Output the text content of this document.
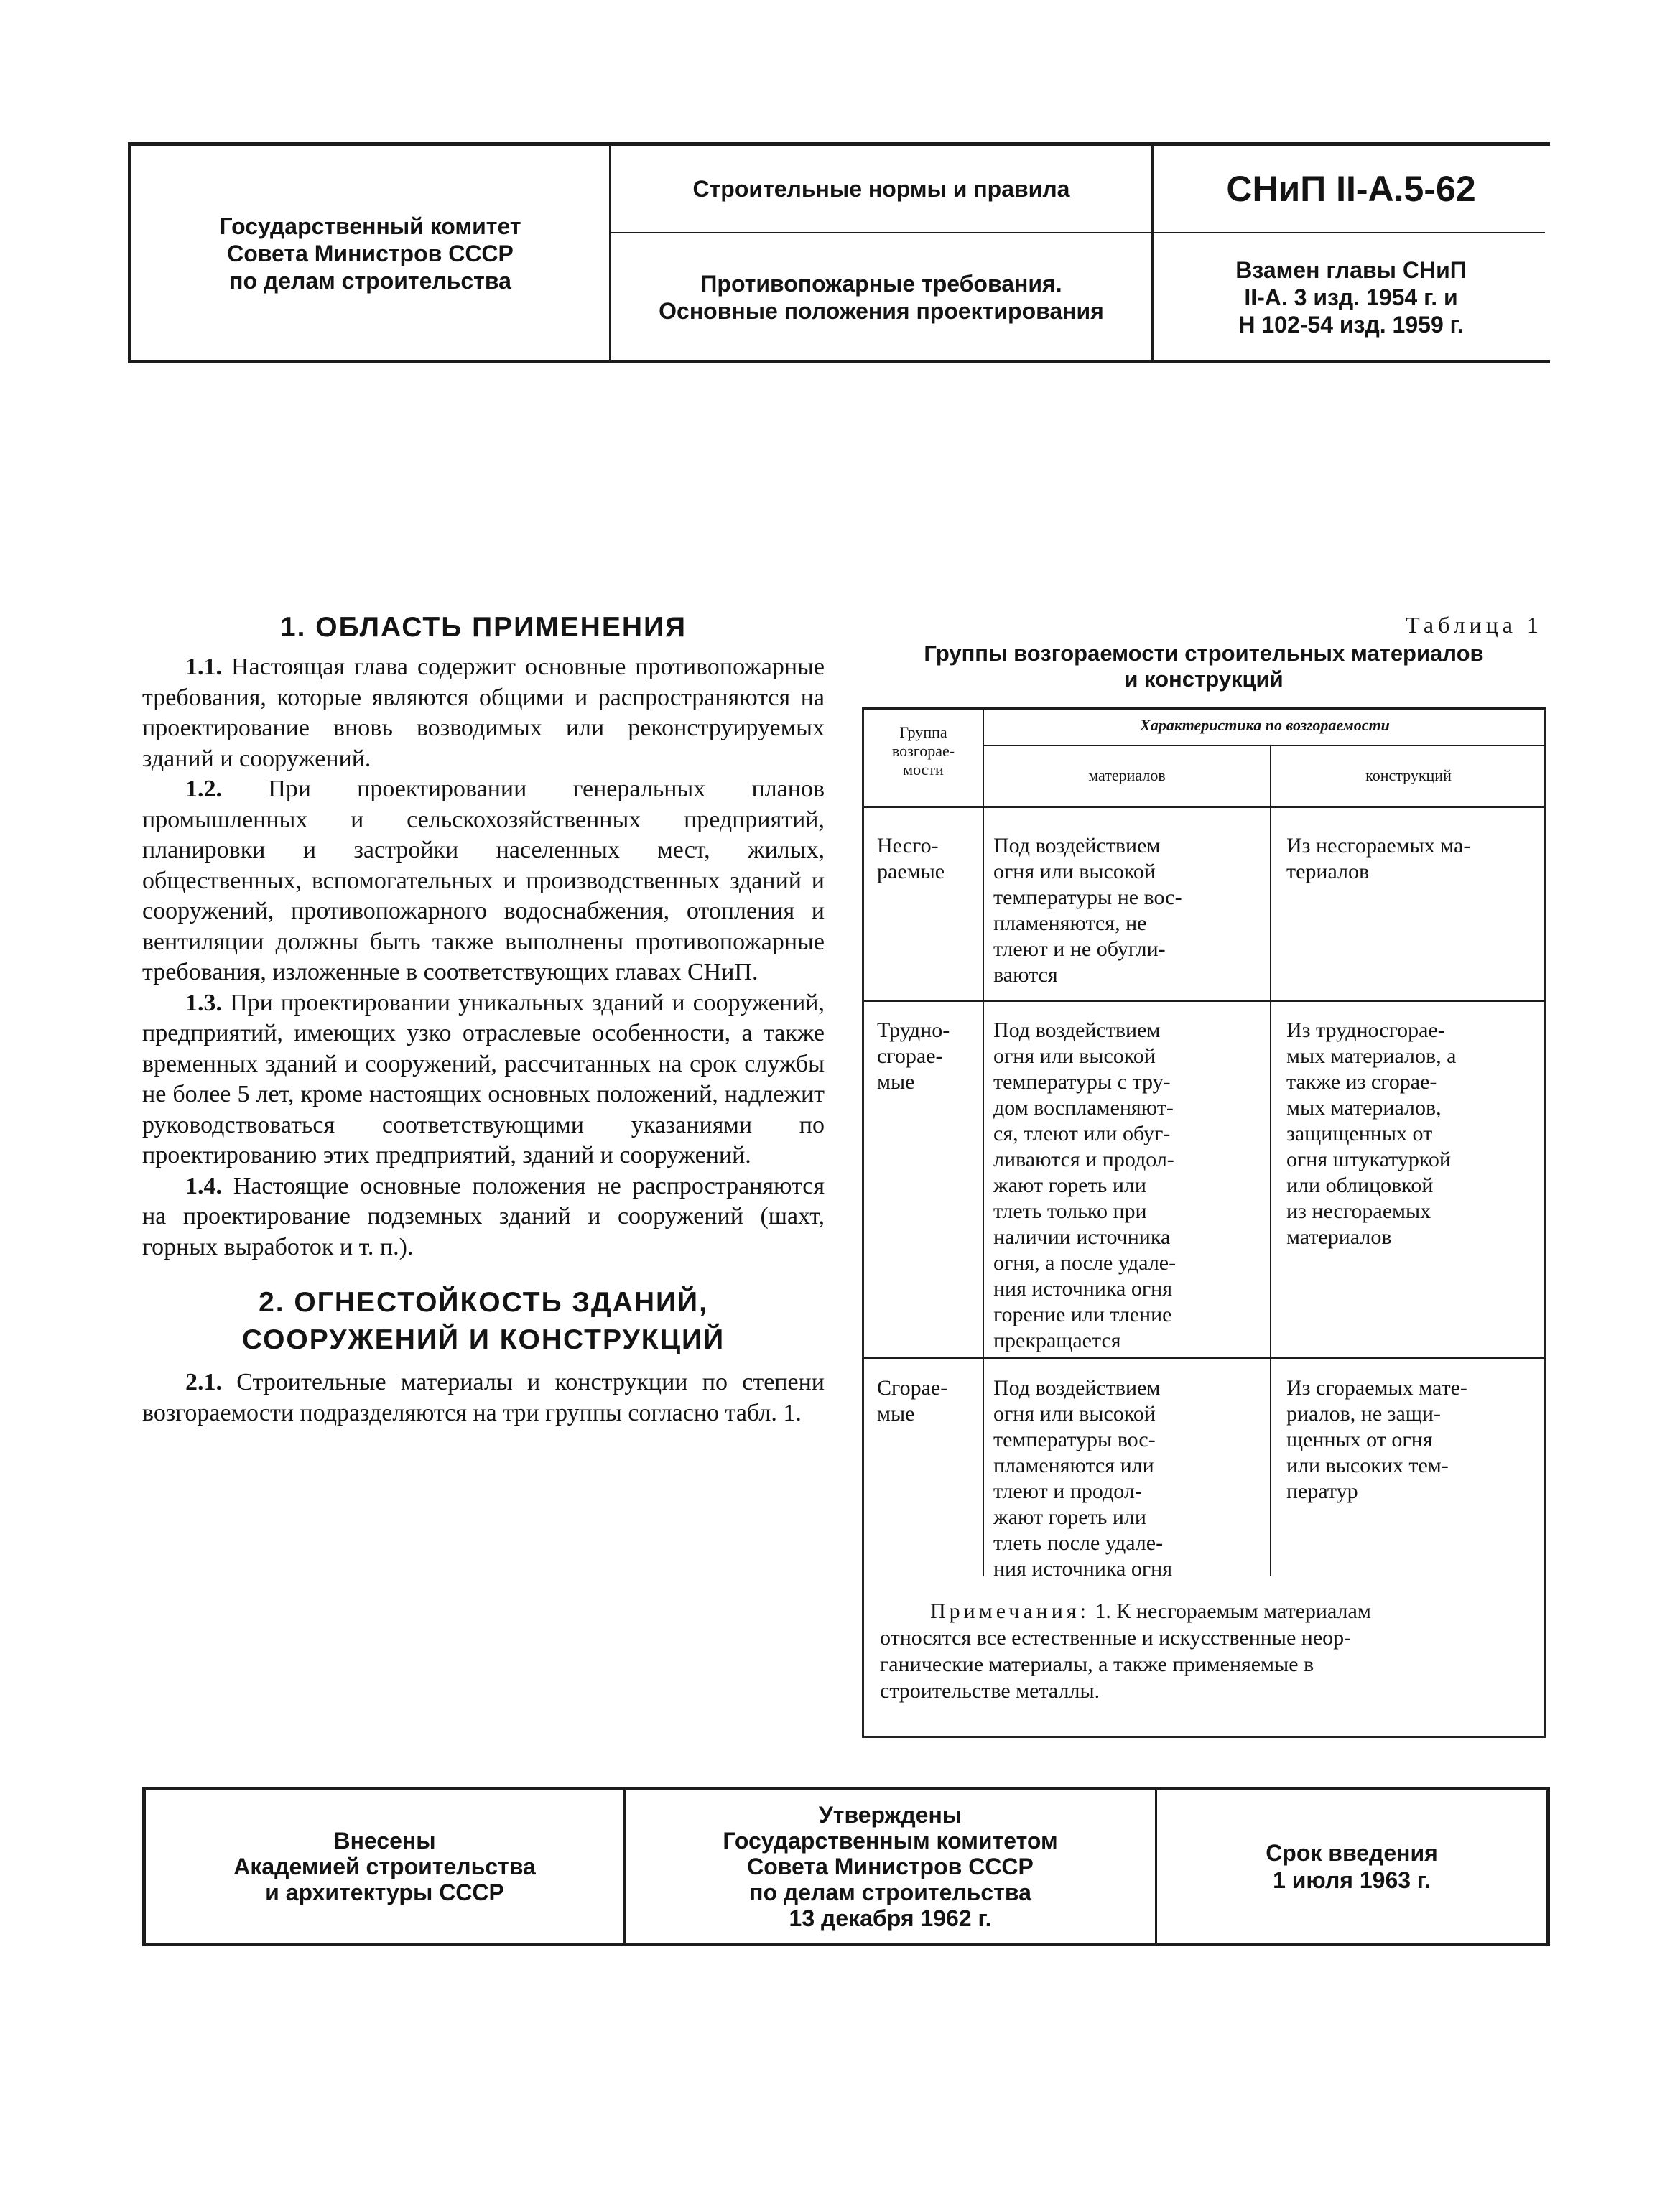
Государственный комитет
Совета Министров СССР
по делам строительства
Строительные нормы и правила	СНиП II-А.5-62
Противопожарные требования.
Основные положения проектирования
Взамен главы СНиП
II-А. 3 изд. 1954 г. и
Н 102-54 изд. 1959 г.
1. ОБЛАСТЬ ПРИМЕНЕНИЯ

1.1. Настоящая глава содержит основные противопожарные требования, которые являются общими и распространяются на проектирование вновь возводимых или реконструируемых зданий и сооружений.

1.2. При проектировании генеральных планов промышленных и сельскохозяйственных предприятий, планировки и застройки населенных мест, жилых, общественных, вспомогательных и производственных зданий и сооружений, противопожарного водоснабжения, отопления и вентиляции должны быть также выполнены противопожарные требования, изложенные в соответствующих главах СНиП.

1.3. При проектировании уникальных зданий и сооружений, предприятий, имеющих узко отраслевые особенности, а также временных зданий и сооружений, рассчитанных на срок службы не более 5 лет, кроме настоящих основных положений, надлежит руководствоваться соответствующими указаниями по проектированию этих предприятий, зданий и сооружений.

1.4. Настоящие основные положения не распространяются на проектирование подземных зданий и сооружений (шахт, горных выработок и т. п.).

2. ОГНЕСТОЙКОСТЬ ЗДАНИЙ,
СООРУЖЕНИЙ И КОНСТРУКЦИЙ

2.1. Строительные материалы и конструкции по степени возгораемости подразделяются на три группы согласно табл. 1.

Таблица 1
Группы возгораемости строительных материалов
и конструкций
Группа
возгорае-
мости
Характеристика по возгораемости
материалов	конструкций
Несго-
раемые
Под воздействием
огня или высокой
температуры не вос-
пламеняются, не
тлеют и не обугли-
ваются
Из несгораемых ма-
териалов
Трудно-
сгорае-
мые
Под воздействием
огня или высокой
температуры с тру-
дом воспламеняют-
ся, тлеют или обуг-
ливаются и продол-
жают гореть или
тлеть только при
наличии источника
огня, а после удале-
ния источника огня
горение или тление
прекращается
Из трудносгорае-
мых материалов, а
также из сгорае-
мых материалов,
защищенных от
огня штукатуркой
или облицовкой
из несгораемых
материалов
Сгорае-
мые
Под воздействием
огня или высокой
температуры вос-
пламеняются или
тлеют и продол-
жают гореть или
тлеть после удале-
ния источника огня
Из сгораемых мате-
риалов, не защи-
щенных от огня
или высоких тем-
ператур
Примечания: 1. К несгораемым материалам
относятся все естественные и искусственные неор-
ганические материалы, а также применяемые в
строительстве металлы.
Внесены
Академией строительства
и архитектуры СССР
Утверждены
Государственным комитетом
Совета Министров СССР
по делам строительства
13 декабря 1962 г.
Срок введения
1 июля 1963 г.
